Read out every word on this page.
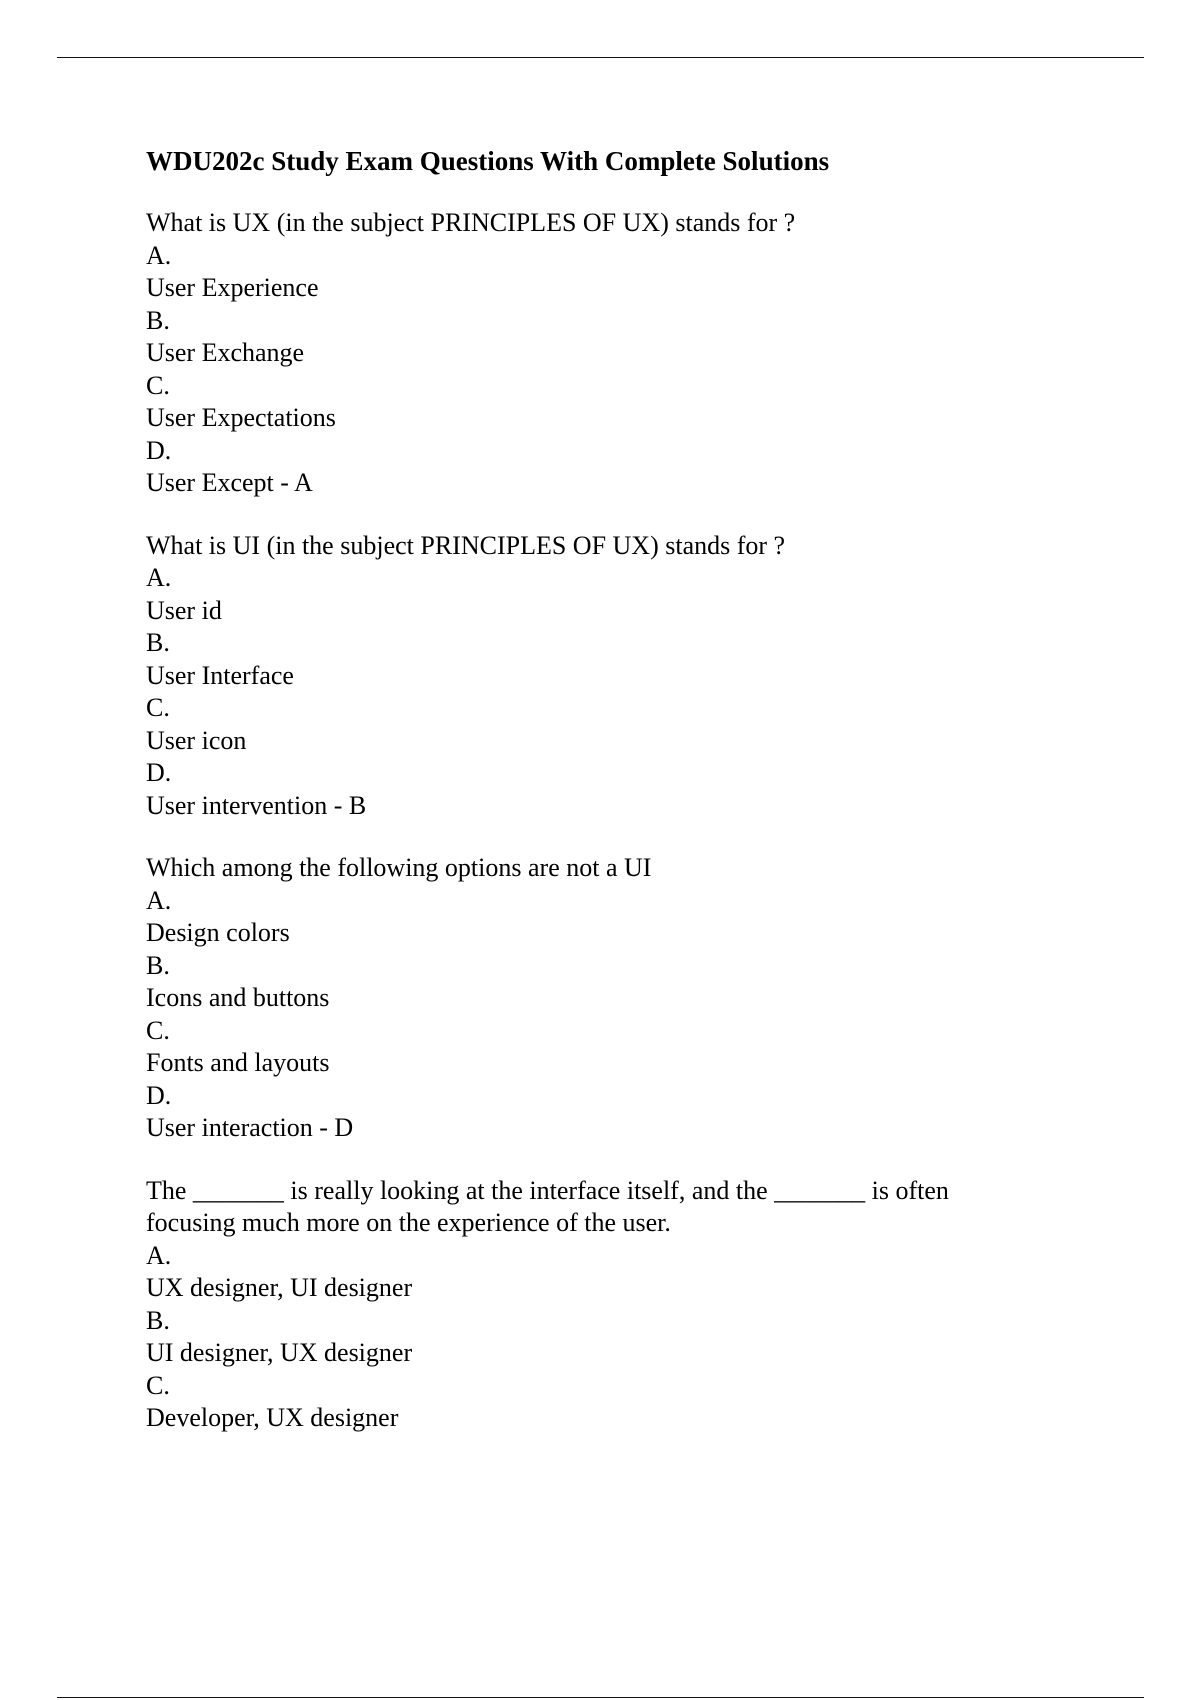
WDU202c Study Exam Questions With Complete Solutions
What is UX (in the subject PRINCIPLES OF UX) stands for ?
A.
User Experience
B.
User Exchange
C.
User Expectations
D.
User Except - A
What is UI (in the subject PRINCIPLES OF UX) stands for ?
A.
User id
B.
User Interface
C.
User icon
D.
User intervention - B
Which among the following options are not a UI
A.
Design colors
B.
Icons and buttons
C.
Fonts and layouts
D.
User interaction - D
The _______ is really looking at the interface itself, and the _______ is often
focusing much more on the experience of the user.
A.
UX designer, UI designer
B.
UI designer, UX designer
C.
Developer, UX designer
